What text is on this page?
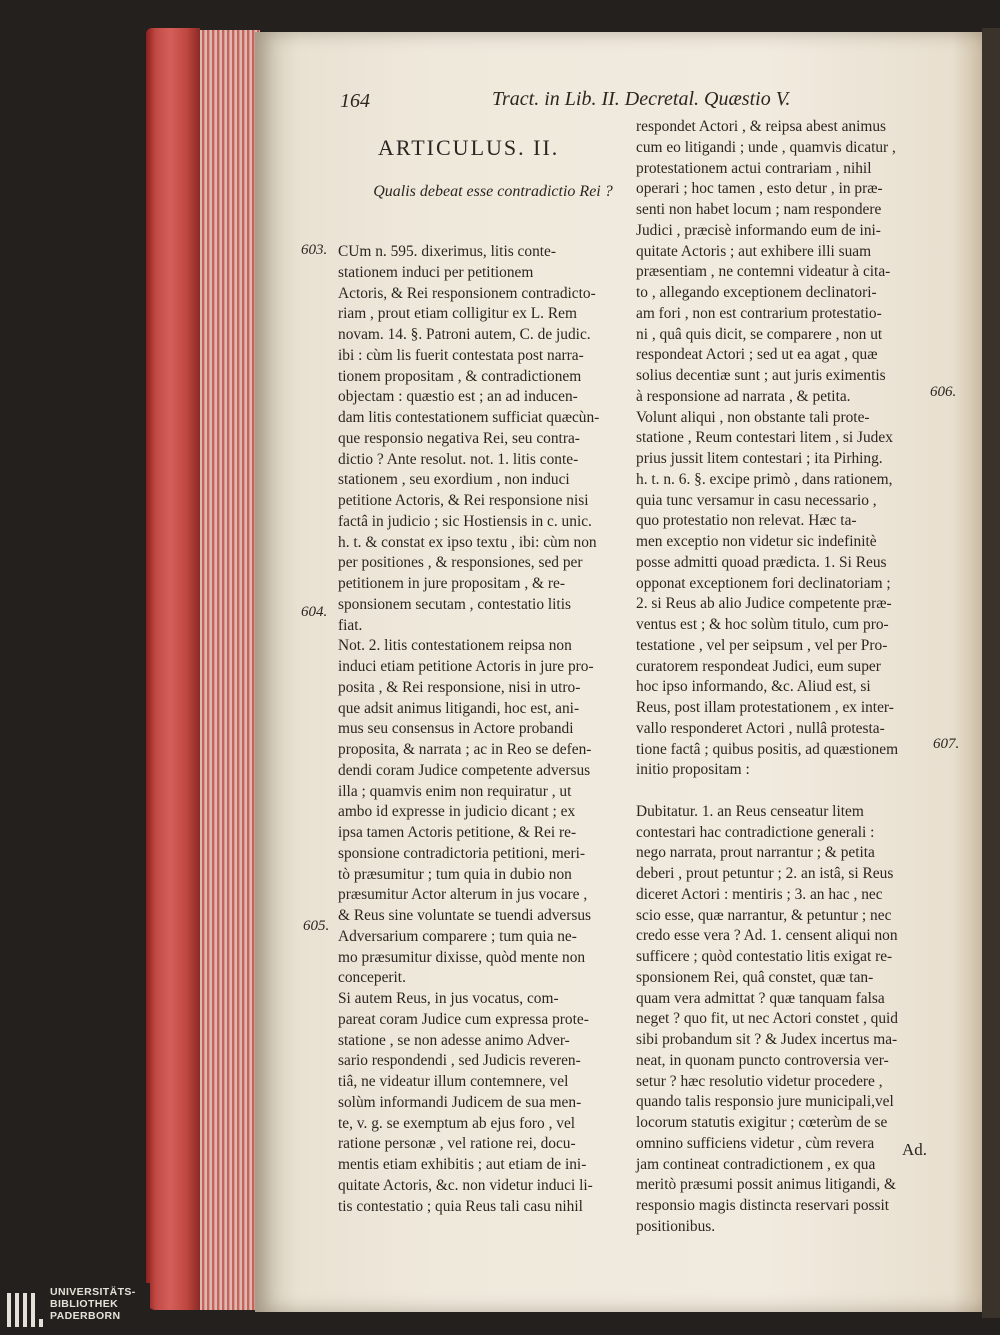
164	Tract. in Lib. II. Decretal. Quæstio V.
ARTICULUS. II.
Qualis debeat esse contradictio Rei ?
603.
604.
605.
606.
607.

CUm n. 595. dixerimus, litis conte-

stationem induci per petitionem

Actoris, & Rei responsionem contradicto-

riam , prout etiam colligitur ex L. Rem

novam. 14. §. Patroni autem, C. de judic.

ibi : cùm lis fuerit contestata post narra-

tionem propositam , & contradictionem

objectam : quæstio est ; an ad inducen-

dam litis contestationem sufficiat quæcùn-

que responsio negativa Rei, seu contra-

dictio ? Ante resolut. not. 1. litis conte-

stationem , seu exordium , non induci

petitione Actoris, & Rei responsione nisi

factâ in judicio ; sic Hostiensis in c. unic.

h. t. & constat ex ipso textu , ibi: cùm non

per positiones , & responsiones, sed per

petitionem in jure propositam , & re-

sponsionem secutam , contestatio litis

fiat.

Not. 2. litis contestationem reipsa non

induci etiam petitione Actoris in jure pro-

posita , & Rei responsione, nisi in utro-

que adsit animus litigandi, hoc est, ani-

mus seu consensus in Actore probandi

proposita, & narrata ; ac in Reo se defen-

dendi coram Judice competente adversus

illa ; quamvis enim non requiratur , ut

ambo id expresse in judicio dicant ; ex

ipsa tamen Actoris petitione, & Rei re-

sponsione contradictoria petitioni, meri-

tò præsumitur ; tum quia in dubio non

præsumitur Actor alterum in jus vocare ,

& Reus sine voluntate se tuendi adversus

Adversarium comparere ; tum quia ne-

mo præsumitur dixisse, quòd mente non

conceperit.

Si autem Reus, in jus vocatus, com-

pareat coram Judice cum expressa prote-

statione , se non adesse animo Adver-

sario respondendi , sed Judicis reveren-

tiâ, ne videatur illum contemnere, vel

solùm informandi Judicem de sua men-

te, v. g. se exemptum ab ejus foro , vel

ratione personæ , vel ratione rei, docu-

mentis etiam exhibitis ; aut etiam de ini-

quitate Actoris, &c. non videtur induci li-

tis contestatio ; quia Reus tali casu nihil

respondet Actori , & reipsa abest animus

cum eo litigandi ; unde , quamvis dicatur ,

protestationem actui contrariam , nihil

operari ; hoc tamen , esto detur , in præ-

senti non habet locum ; nam respondere

Judici , præcisè informando eum de ini-

quitate Actoris ; aut exhibere illi suam

præsentiam , ne contemni videatur à cita-

to , allegando exceptionem declinatori-

am fori , non est contrarium protestatio-

ni , quâ quis dicit, se comparere , non ut

respondeat Actori ; sed ut ea agat , quæ

solius decentiæ sunt ; aut juris eximentis

à responsione ad narrata , & petita.

Volunt aliqui , non obstante tali prote-

statione , Reum contestari litem , si Judex

prius jussit litem contestari ; ita Pirhing.

h. t. n. 6. §. excipe primò , dans rationem,

quia tunc versamur in casu necessario ,

quo protestatio non relevat. Hæc ta-

men exceptio non videtur sic indefinitè

posse admitti quoad prædicta. 1. Si Reus

opponat exceptionem fori declinatoriam ;

2. si Reus ab alio Judice competente præ-

ventus est ; & hoc solùm titulo, cum pro-

testatione , vel per seipsum , vel per Pro-

curatorem respondeat Judici, eum super

hoc ipso informando, &c. Aliud est, si

Reus, post illam protestationem , ex inter-

vallo responderet Actori , nullâ protesta-

tione factâ ; quibus positis, ad quæstionem

initio propositam :

Dubitatur. 1. an Reus censeatur litem

contestari hac contradictione generali :

nego narrata, prout narrantur ; & petita

deberi , prout petuntur ; 2. an istâ, si Reus

diceret Actori : mentiris ; 3. an hac , nec

scio esse, quæ narrantur, & petuntur ; nec

credo esse vera ? Ad. 1. censent aliqui non

sufficere ; quòd contestatio litis exigat re-

sponsionem Rei, quâ constet, quæ tan-

quam vera admittat ? quæ tanquam falsa

neget ? quo fit, ut nec Actori constet , quid

sibi probandum sit ? & Judex incertus ma-

neat, in quonam puncto controversia ver-

setur ? hæc resolutio videtur procedere ,

quando talis responsio jure municipali,vel

locorum statutis exigitur ; cœterùm de se

omnino sufficiens videtur , cùm revera

jam contineat contradictionem , ex qua

meritò præsumi possit animus litigandi, &

responsio magis distincta reservari possit

positionibus.

Ad.
UNIVERSITÄTS-
BIBLIOTHEK
PADERBORN
